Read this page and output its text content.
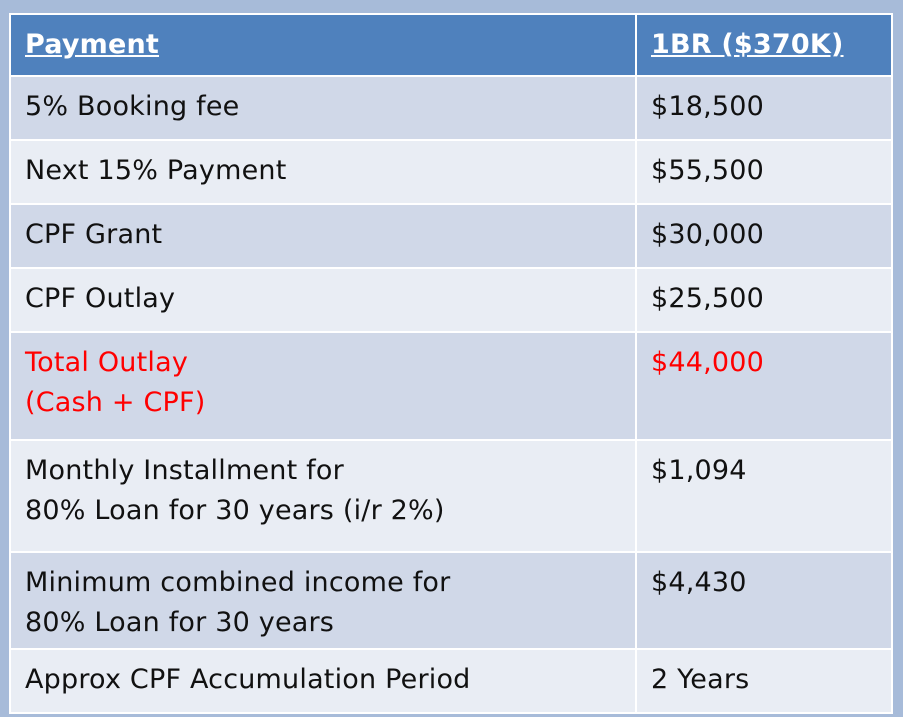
Payment	1BR ($370K)
5% Booking fee	$18,500
Next 15% Payment	$55,500
CPF Grant	$30,000
CPF Outlay	$25,500

Total Outlay
(Cash + CPF)	$44,000

Monthly Installment for
80% Loan for 30 years (i/r 2%)	$1,094

Minimum combined income for
80% Loan for 30 years	$4,430
Approx CPF Accumulation Period	2 Years
